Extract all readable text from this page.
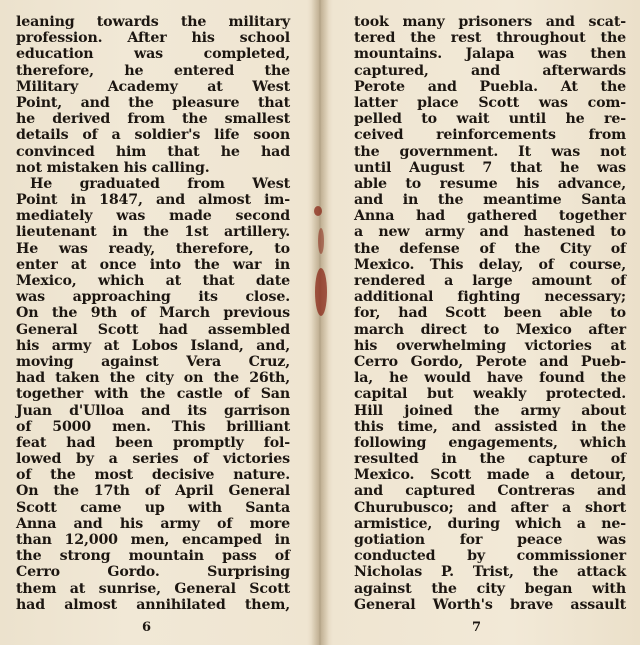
leaning towards the military
profession. After his school
education was completed,
therefore, he entered the
Military Academy at West
Point, and the pleasure that
he derived from the smallest
details of a soldier's life soon
convinced him that he had
not mistaken his calling.
He graduated from West
Point in 1847, and almost im-
mediately was made second
lieutenant in the 1st artillery.
He was ready, therefore, to
enter at once into the war in
Mexico, which at that date
was approaching its close.
On the 9th of March previous
General Scott had assembled
his army at Lobos Island, and,
moving against Vera Cruz,
had taken the city on the 26th,
together with the castle of San
Juan d'Ulloa and its garrison
of 5000 men. This brilliant
feat had been promptly fol-
lowed by a series of victories
of the most decisive nature.
On the 17th of April General
Scott came up with Santa
Anna and his army of more
than 12,000 men, encamped in
the strong mountain pass of
Cerro Gordo. Surprising
them at sunrise, General Scott
had almost annihilated them,
6
took many prisoners and scat-
tered the rest throughout the
mountains. Jalapa was then
captured, and afterwards
Perote and Puebla. At the
latter place Scott was com-
pelled to wait until he re-
ceived reinforcements from
the government. It was not
until August 7 that he was
able to resume his advance,
and in the meantime Santa
Anna had gathered together
a new army and hastened to
the defense of the City of
Mexico. This delay, of course,
rendered a large amount of
additional fighting necessary;
for, had Scott been able to
march direct to Mexico after
his overwhelming victories at
Cerro Gordo, Perote and Pueb-
la, he would have found the
capital but weakly protected.
Hill joined the army about
this time, and assisted in the
following engagements, which
resulted in the capture of
Mexico. Scott made a detour,
and captured Contreras and
Churubusco; and after a short
armistice, during which a ne-
gotiation for peace was
conducted by commissioner
Nicholas P. Trist, the attack
against the city began with
General Worth's brave assault
7
